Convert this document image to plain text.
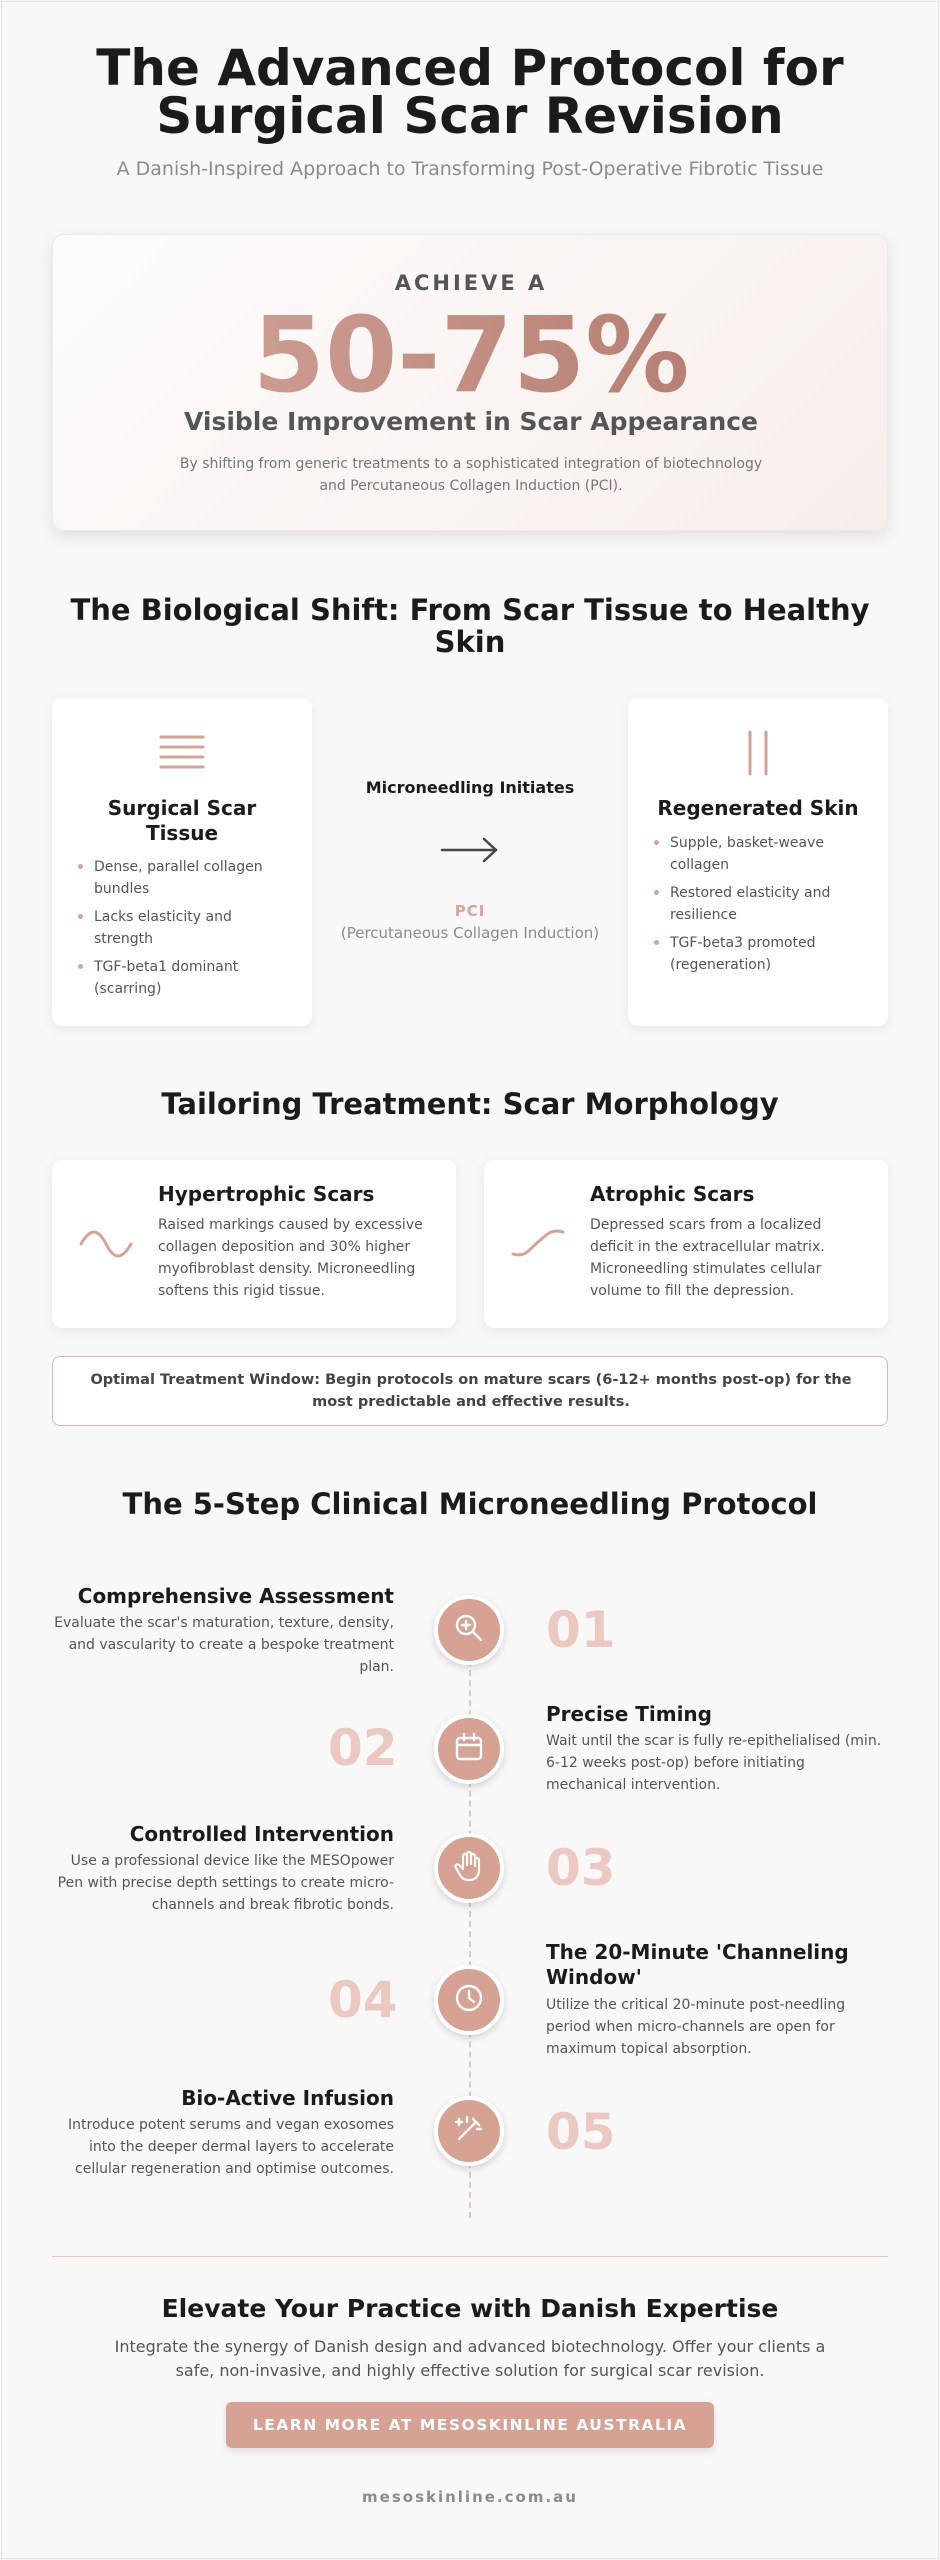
The Advanced Protocol for
Surgical Scar Revision
A Danish-Inspired Approach to Transforming Post-Operative Fibrotic Tissue
ACHIEVE A
50-75%
Visible Improvement in Scar Appearance
By shifting from generic treatments to a sophisticated integration of biotechnology and Percutaneous Collagen Induction (PCI).
The Biological Shift: From Scar Tissue to Healthy Skin
Surgical Scar Tissue
Dense, parallel collagen bundles
Lacks elasticity and strength
TGF-beta1 dominant (scarring)
Microneedling Initiates
PCI
(Percutaneous Collagen Induction)
Regenerated Skin
Supple, basket-weave collagen
Restored elasticity and resilience
TGF-beta3 promoted (regeneration)
Tailoring Treatment: Scar Morphology
Hypertrophic Scars
Raised markings caused by excessive collagen deposition and 30% higher myofibroblast density. Microneedling softens this rigid tissue.
Atrophic Scars
Depressed scars from a localized deficit in the extracellular matrix. Microneedling stimulates cellular volume to fill the depression.
Optimal Treatment Window: Begin protocols on mature scars (6-12+ months post-op) for the most predictable and effective results.
The 5-Step Clinical Microneedling Protocol
Comprehensive Assessment
Evaluate the scar's maturation, texture, density, and vascularity to create a bespoke treatment plan.
01
02
Precise Timing
Wait until the scar is fully re-epithelialised (min. 6-12 weeks post-op) before initiating mechanical intervention.
Controlled Intervention
Use a professional device like the MESOpower Pen with precise depth settings to create micro-channels and break fibrotic bonds.
03
04
The 20-Minute 'Channeling Window'
Utilize the critical 20-minute post-needling period when micro-channels are open for maximum topical absorption.
Bio-Active Infusion
Introduce potent serums and vegan exosomes into the deeper dermal layers to accelerate cellular regeneration and optimise outcomes.
05
Elevate Your Practice with Danish Expertise
Integrate the synergy of Danish design and advanced biotechnology. Offer your clients a safe, non-invasive, and highly effective solution for surgical scar revision.
LEARN MORE AT MESOSKINLINE AUSTRALIA
mesoskinline.com.au
